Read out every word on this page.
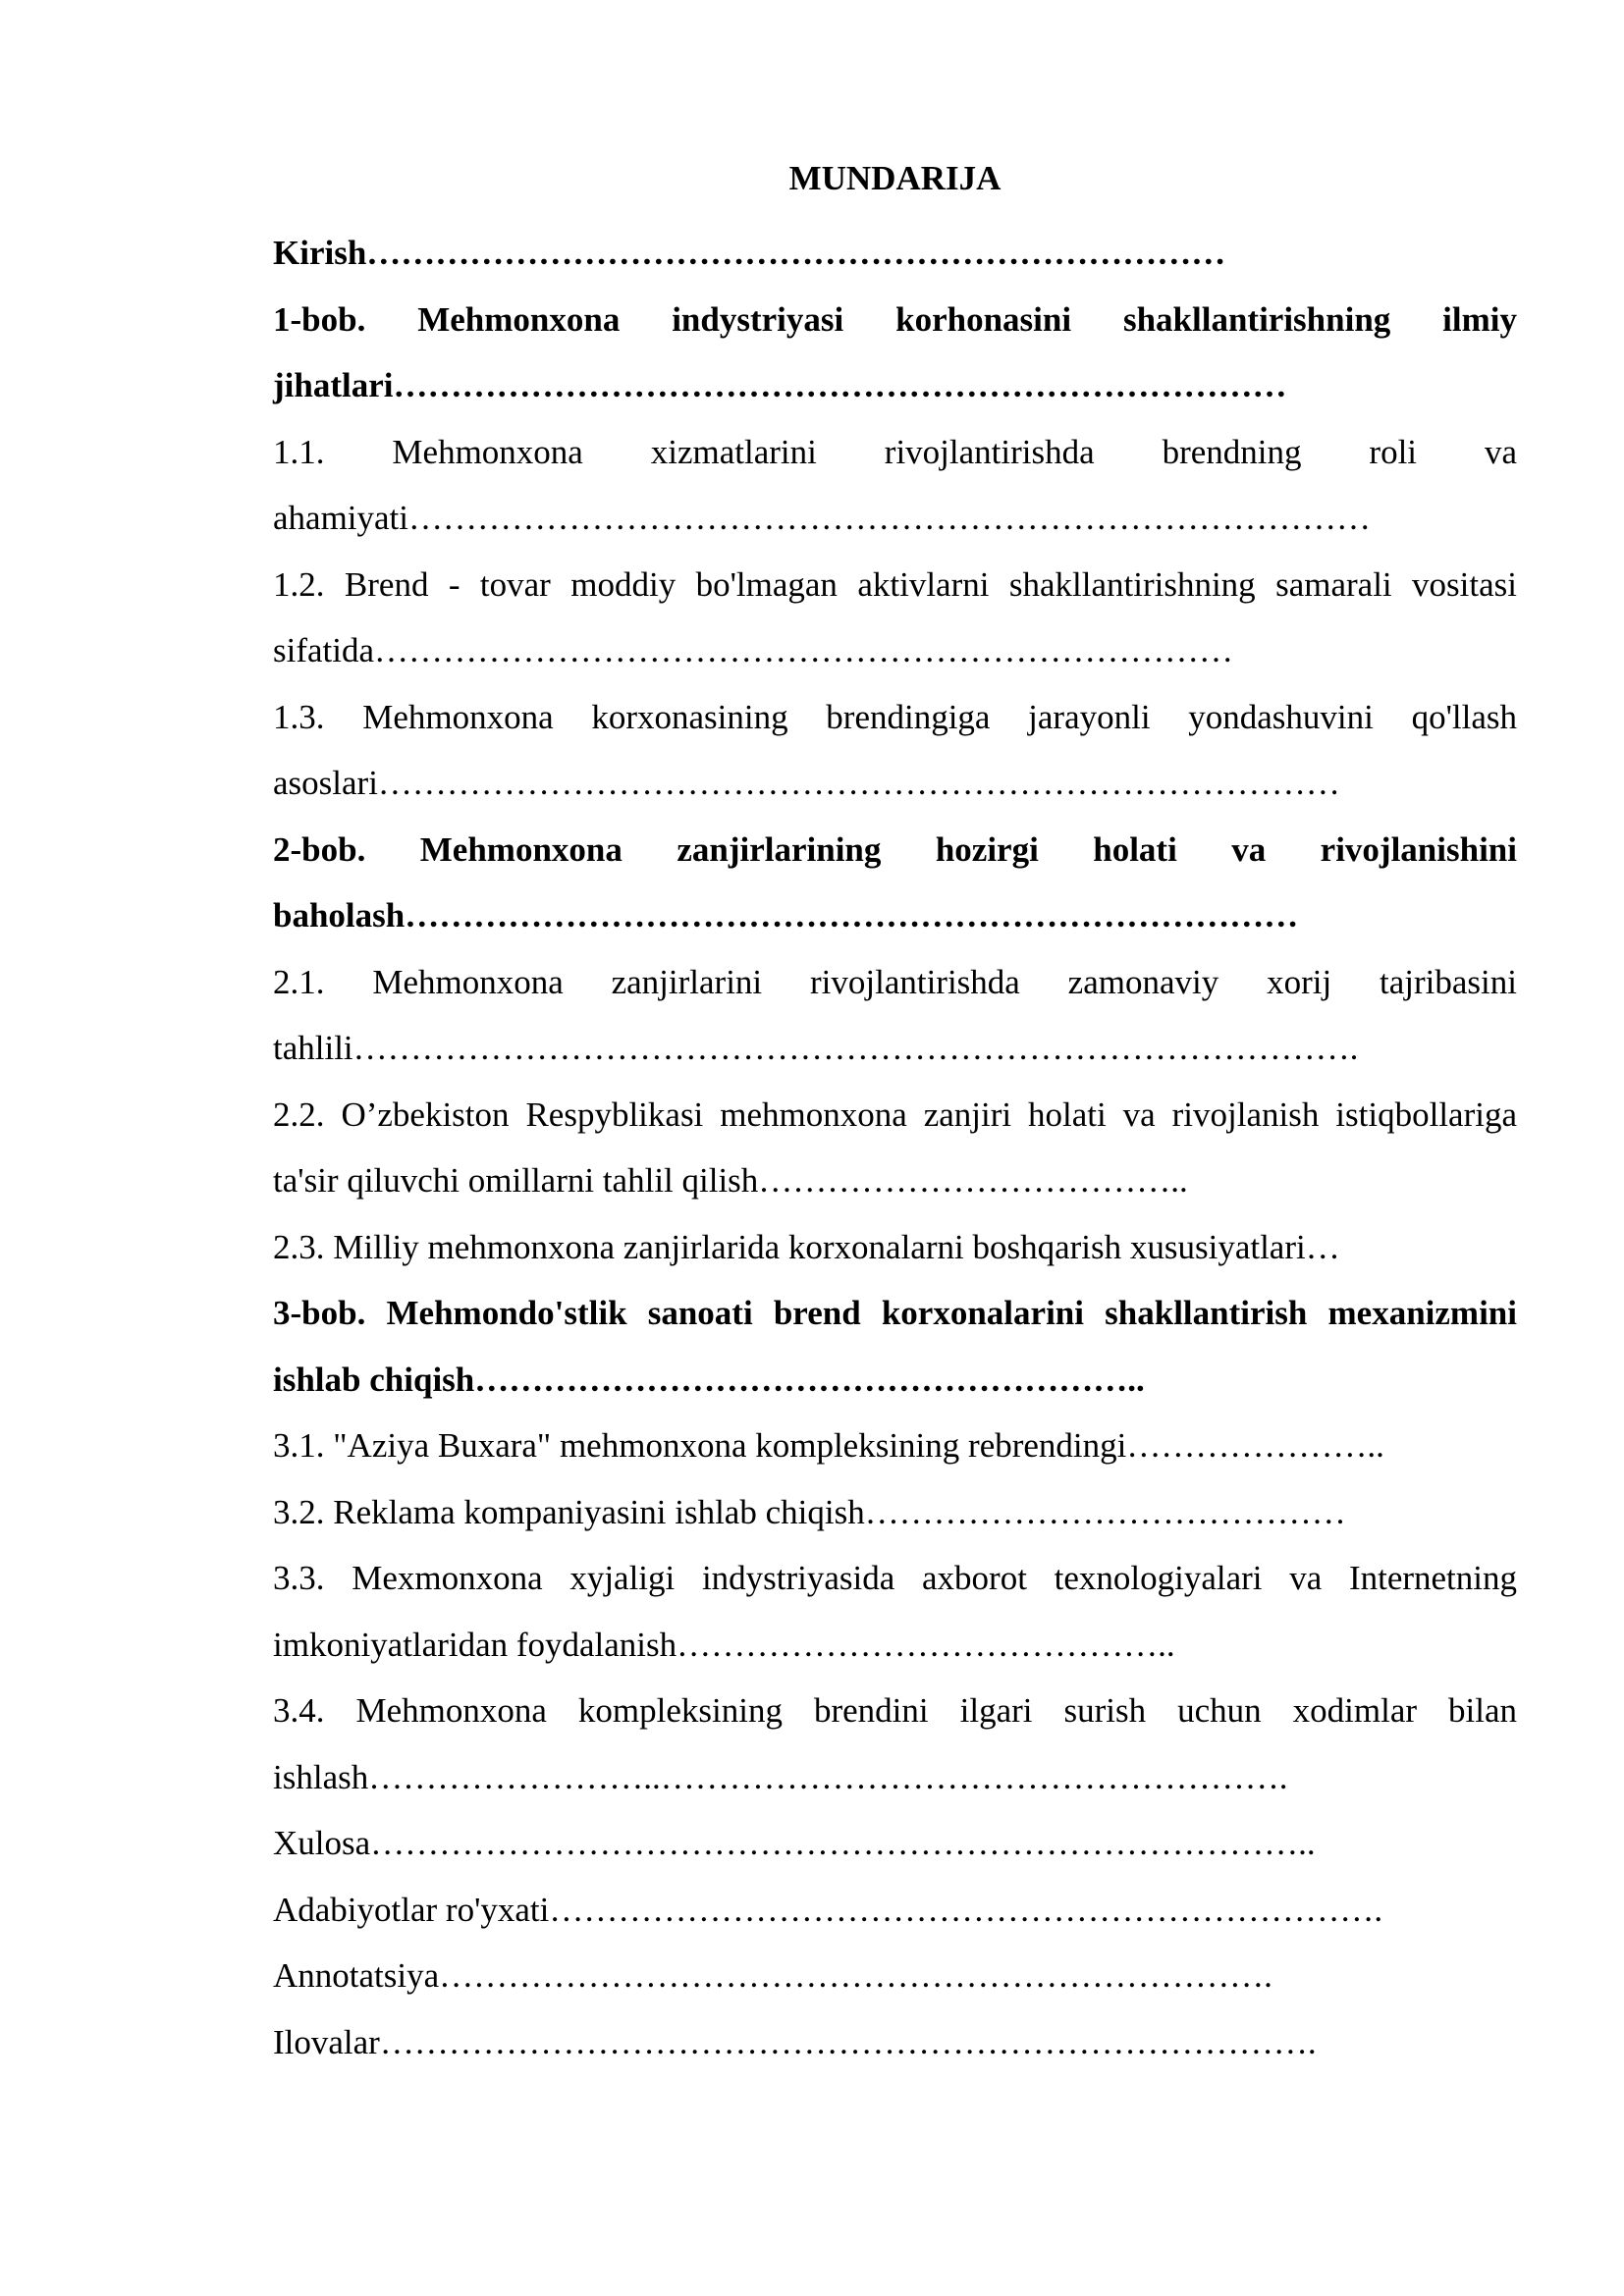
MUNDARIJA

Kirish…………………………………………………………………

1-bob. Mehmonxona indystriyasi korhonasini shakllantirishning ilmiy jihatlari……………………………………………………………………

1.1. Mehmonxona xizmatlarini rivojlantirishda brendning roli va ahamiyati…………………………………………………………………………

1.2. Brend - tovar moddiy bo'lmagan aktivlarni shakllantirishning samarali vositasi sifatida…………………………………………………………………

1.3. Mehmonxona korxonasining brendingiga jarayonli yondashuvini qo'llash asoslari…………………………………………………………………………

2-bob. Mehmonxona zanjirlarining hozirgi holati va rivojlanishini baholash……………………………………………………………………

2.1. Mehmonxona zanjirlarini rivojlantirishda zamonaviy xorij tajribasini tahlili…………………………………………………………………………….

2.2. O’zbekiston Respyblikasi mehmonxona zanjiri holati va rivojlanish istiqbollariga ta'sir qiluvchi omillarni tahlil qilish………………………………..

2.3. Milliy mehmonxona zanjirlarida korxonalarni boshqarish xususiyatlari…

3-bob. Mehmondo'stlik sanoati brend korxonalarini shakllantirish mexanizmini ishlab chiqish…………………………………………………..

3.1. "Aziya Buxara" mehmonxona kompleksining rebrendingi…………………..

3.2. Reklama kompaniyasini ishlab chiqish……………………………………

3.3. Mexmonxona xyjaligi indystriyasida axborot texnologiyalari va Internetning imkoniyatlaridan foydalanish……………………………………..

3.4. Mehmonxona kompleksining brendini ilgari surish uchun xodimlar bilan ishlash……………………..……………………………………………….

Xulosa………………………………………………………………………..

Adabiyotlar ro'yxati……………………………………………………………….

Annotatsiya……………………………………………………………….

Ilovalar……………………………………………………………………….
